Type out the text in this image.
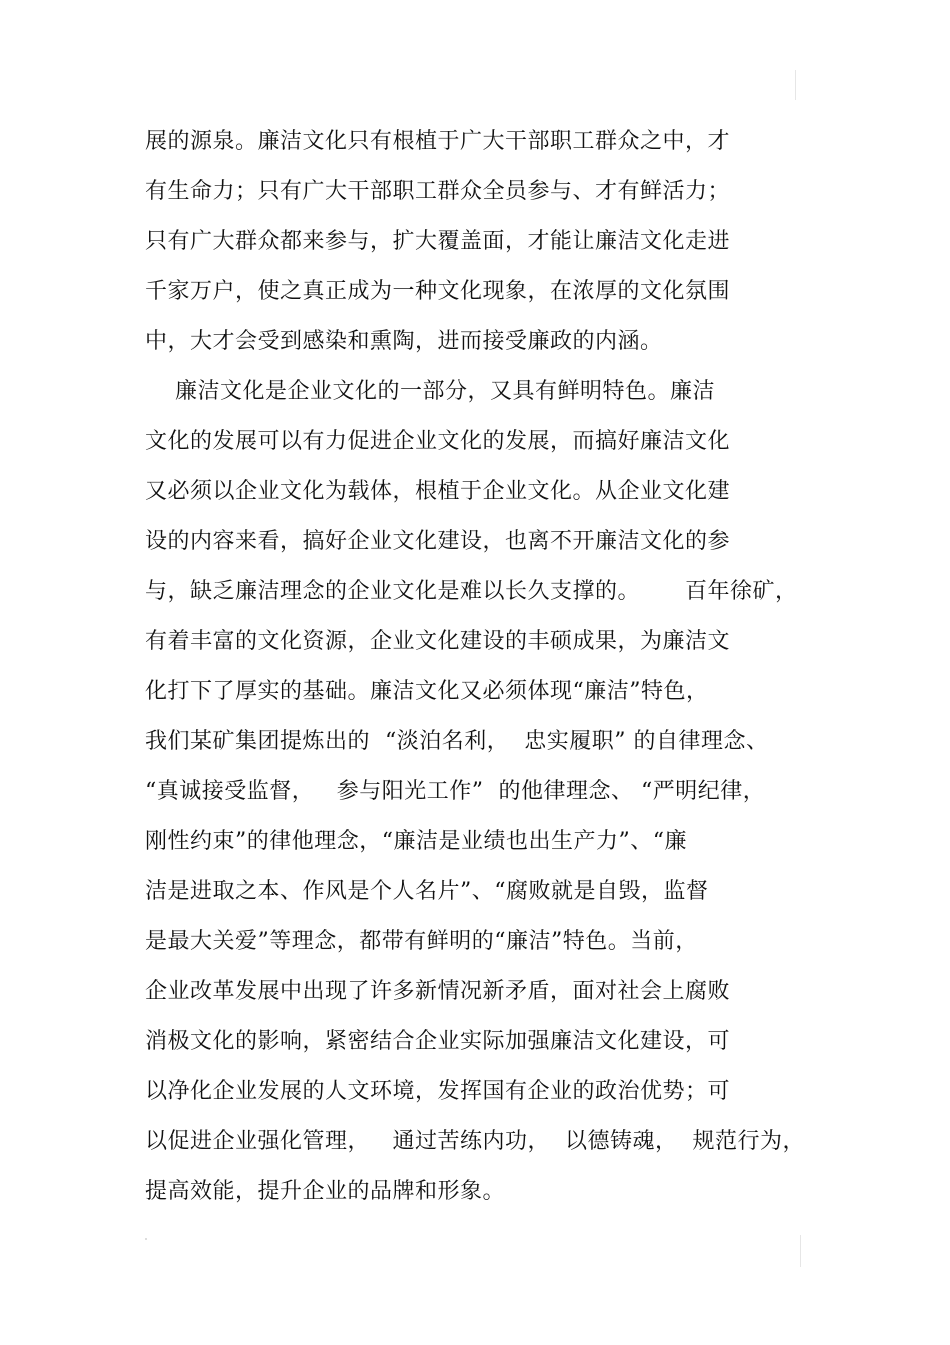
展的源泉。廉洁文化只有根植于广大干部职工群众之中，才
有生命力；只有广大干部职工群众全员参与、才有鲜活力；
只有广大群众都来参与，扩大覆盖面，才能让廉洁文化走进
千家万户，使之真正成为一种文化现象，在浓厚的文化氛围
中，大才会受到感染和熏陶，进而接受廉政的内涵。
廉洁文化是企业文化的一部分，又具有鲜明特色。廉洁
文化的发展可以有力促进企业文化的发展，而搞好廉洁文化
又必须以企业文化为载体，根植于企业文化。从企业文化建
设的内容来看，搞好企业文化建设，也离不开廉洁文化的参
与，缺乏廉洁理念的企业文化是难以长久支撑的。      百年徐矿，
有着丰富的文化资源，企业文化建设的丰硕成果，为廉洁文
化打下了厚实的基础。廉洁文化又必须体现“廉洁”特色，
我们某矿集团提炼出的  “淡泊名利，  忠实履职” 的自律理念、
“真诚接受监督，   参与阳光工作”  的他律理念、 “严明纪律，
刚性约束”的律他理念，“廉洁是业绩也出生产力”、“廉
洁是进取之本、作风是个人名片”、“腐败就是自毁，监督
是最大关爱”等理念，都带有鲜明的“廉洁”特色。当前，
企业改革发展中出现了许多新情况新矛盾，面对社会上腐败
消极文化的影响，紧密结合企业实际加强廉洁文化建设，可
以净化企业发展的人文环境，发挥国有企业的政治优势；可
以促进企业强化管理，   通过苦练内功，  以德铸魂，  规范行为，
提高效能，提升企业的品牌和形象。
